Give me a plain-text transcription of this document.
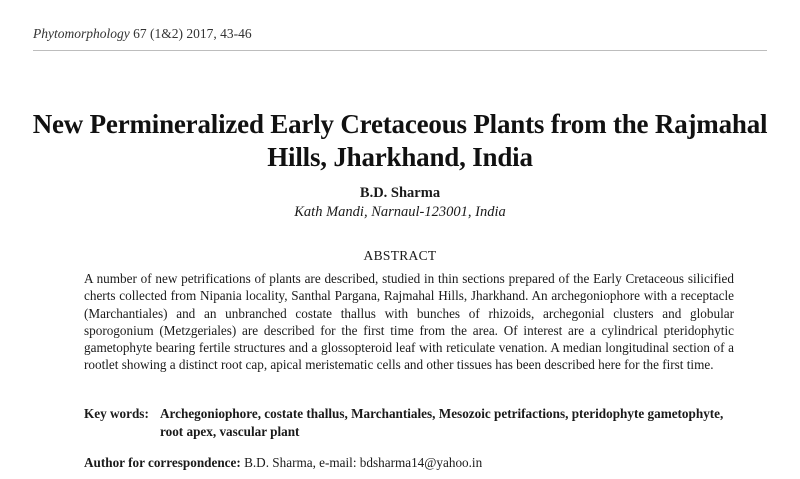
Phytomorphology 67 (1&2) 2017, 43-46
New Permineralized Early Cretaceous Plants from the Rajmahal Hills, Jharkhand, India
B.D. Sharma
Kath Mandi, Narnaul-123001, India
ABSTRACT
A number of new petrifications of plants are described, studied in thin sections prepared of the Early Cretaceous silicified cherts collected from Nipania locality, Santhal Pargana, Rajmahal Hills, Jharkhand. An archegoniophore with a receptacle (Marchantiales) and an unbranched costate thallus with bunches of rhizoids, archegonial clusters and globular sporogonium (Metzgeriales) are described for the first time from the area. Of interest are a cylindrical pteridophytic gametophyte bearing fertile structures and a glossopteroid leaf with reticulate venation. A median longitudinal section of a rootlet showing a distinct root cap, apical meristematic cells and other tissues has been described here for the first time.
Key words: Archegoniophore, costate thallus, Marchantiales, Mesozoic petrifactions, pteridophyte gametophyte, root apex, vascular plant
Author for correspondence: B.D. Sharma, e-mail: bdsharma14@yahoo.in
